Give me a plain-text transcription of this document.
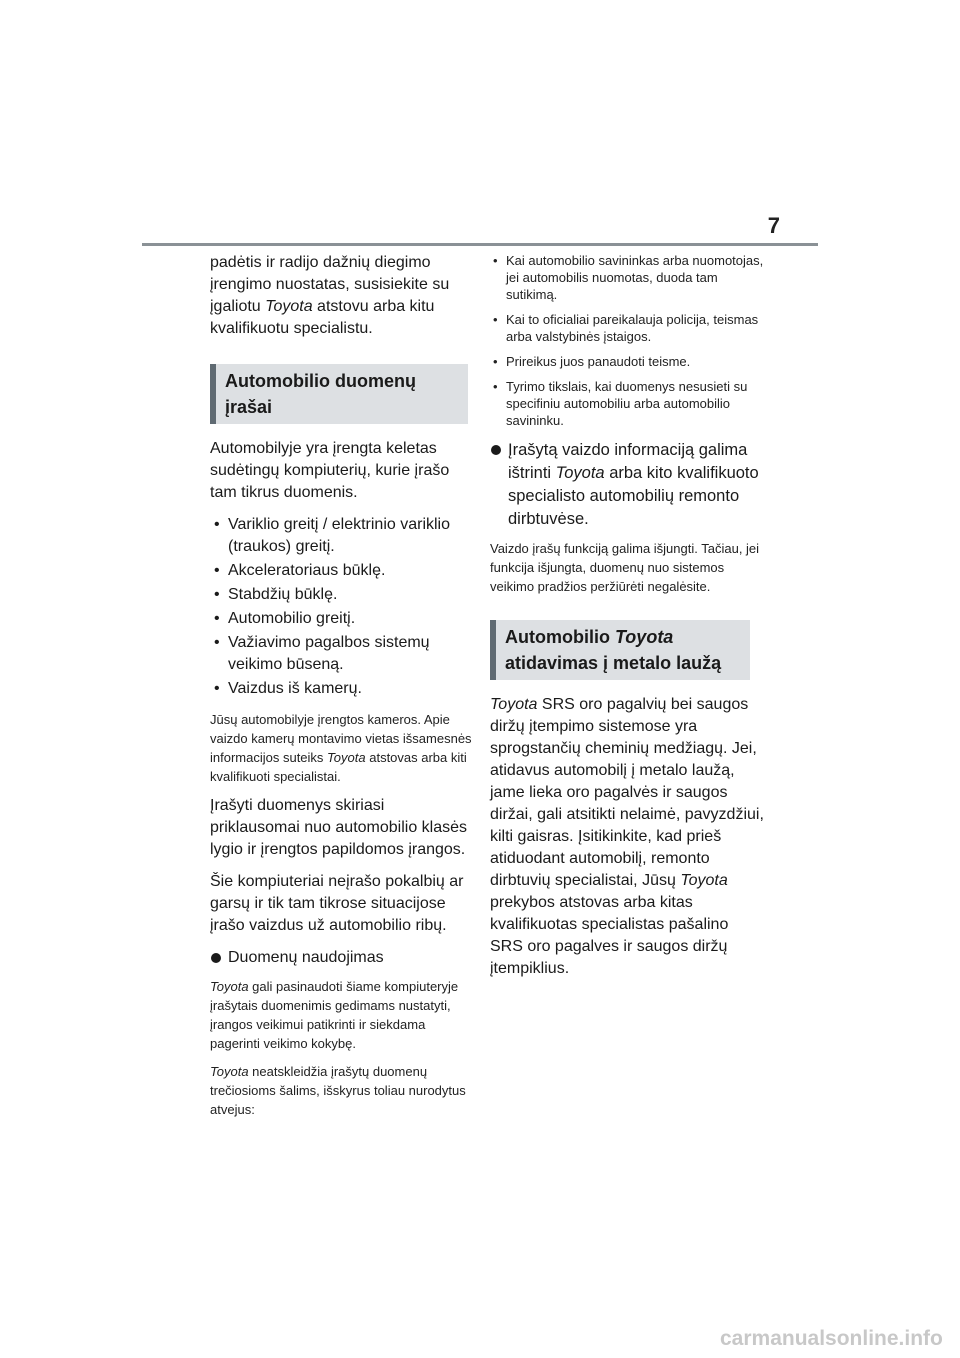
7

padėtis ir radijo dažnių diegimo įrengimo nuostatas, susisiekite su įgaliotu Toyota atstovu arba kitu kvalifikuotu specialistu.

Automobilio duomenų įrašai

Automobilyje yra įrengta keletas sudėtingų kompiuterių, kurie įrašo tam tikrus duomenis.

• Variklio greitį / elektrinio variklio (traukos) greitį.
• Akceleratoriaus būklę.
• Stabdžių būklę.
• Automobilio greitį.
• Važiavimo pagalbos sistemų veikimo būseną.
• Vaizdus iš kamerų.

Jūsų automobilyje įrengtos kameros. Apie vaizdo kamerų montavimo vietas išsamesnės informacijos suteiks Toyota atstovas arba kiti kvalifikuoti specialistai.

Įrašyti duomenys skiriasi priklausomai nuo automobilio klasės lygio ir įrengtos papildomos įrangos.

Šie kompiuteriai neįrašo pokalbių ar garsų ir tik tam tikrose situacijose įrašo vaizdus už automobilio ribų.

Duomenų naudojimas

Toyota gali pasinaudoti šiame kompiuteryje įrašytais duomenimis gedimams nustatyti, įrangos veikimui patikrinti ir siekdama pagerinti veikimo kokybę.

Toyota neatskleidžia įrašytų duomenų trečiosioms šalims, išskyrus toliau nurodytus atvejus:

• Kai automobilio savininkas arba nuomotojas, jei automobilis nuomotas, duoda tam sutikimą.
• Kai to oficialiai pareikalauja policija, teismas arba valstybinės įstaigos.
• Prireikus juos panaudoti teisme.
• Tyrimo tikslais, kai duomenys nesusieti su specifiniu automobiliu arba automobilio savininku.
Įrašytą vaizdo informaciją galima ištrinti Toyota arba kito kvalifikuoto specialisto automobilių remonto dirbtuvėse.

Vaizdo įrašų funkciją galima išjungti. Tačiau, jei funkcija išjungta, duomenų nuo sistemos veikimo pradžios peržiūrėti negalėsite.

Automobilio Toyota atidavimas į metalo laužą

Toyota SRS oro pagalvių bei saugos diržų įtempimo sistemose yra sprogstančių cheminių medžiagų. Jei, atidavus automobilį į metalo laužą, jame lieka oro pagalvės ir saugos diržai, gali atsitikti nelaimė, pavyzdžiui, kilti gaisras. Įsitikinkite, kad prieš atiduodant automobilį, remonto dirbtuvių specialistai, Jūsų Toyota prekybos atstovas arba kitas kvalifikuotas specialistas pašalino SRS oro pagalves ir saugos diržų įtempiklius.

carmanualsonline.info
